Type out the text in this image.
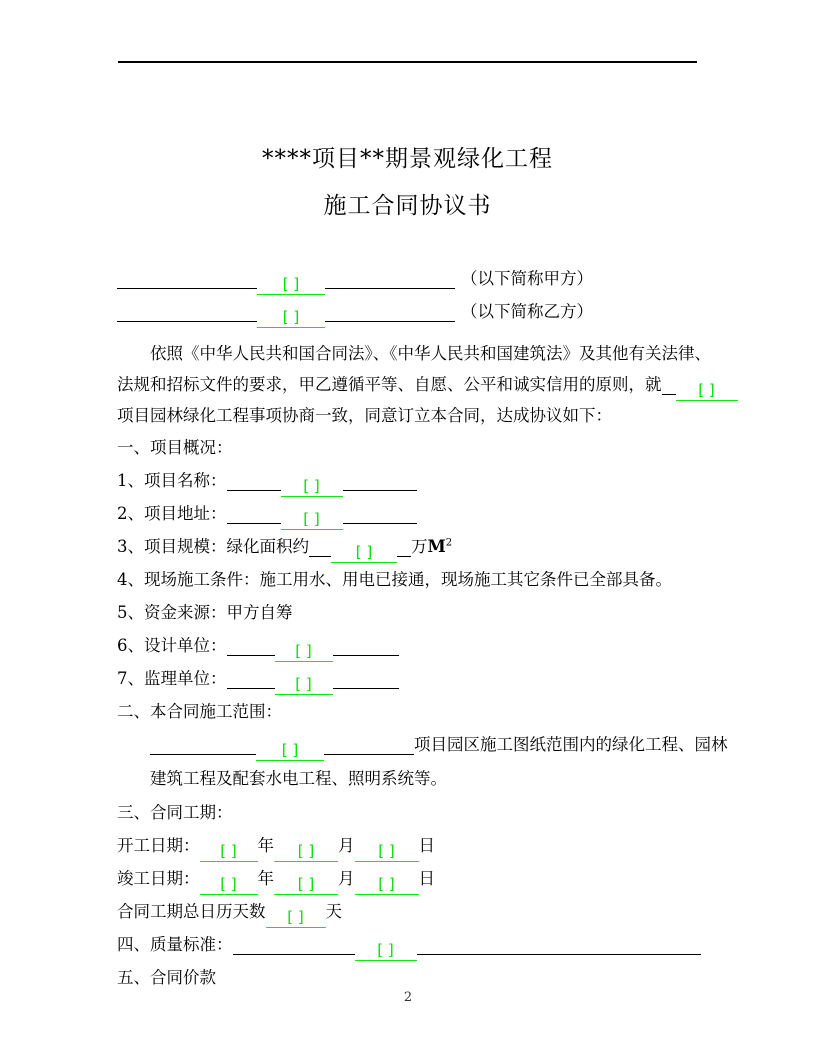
****项目**期景观绿化工程
施工合同协议书
[ ]	（以下简称甲方）
[ ]	（以下简称乙方）
依照《中华人民共和国合同法》、《中华人民共和国建筑法》及其他有关法律、
法规和招标文件的要求，甲乙遵循平等、自愿、公平和诚实信用的原则，就 [ ]
项目园林绿化工程事项协商一致，同意订立本合同，达成协议如下：
一、项目概况：
1、项目名称：	[ ]
2、项目地址：	[ ]
3、项目规模：绿化面积约	[ ] 万$M^2$
4、现场施工条件：施工用水、用电已接通，现场施工其它条件已全部具备。
5、资金来源：甲方自筹
6、设计单位：	[ ]
7、监理单位：	[ ]
二、本合同施工范围：
[ ]	项目园区施工图纸范围内的绿化工程、园林
建筑工程及配套水电工程、照明系统等。
三、合同工期：
开工日期： [ ] 年 [ ] 月 [ ] 日
竣工日期： [ ] 年 [ ] 月 [ ] 日
合同工期总日历天数 [ ] 天
四、质量标准：	[ ]
五、合同价款
2
